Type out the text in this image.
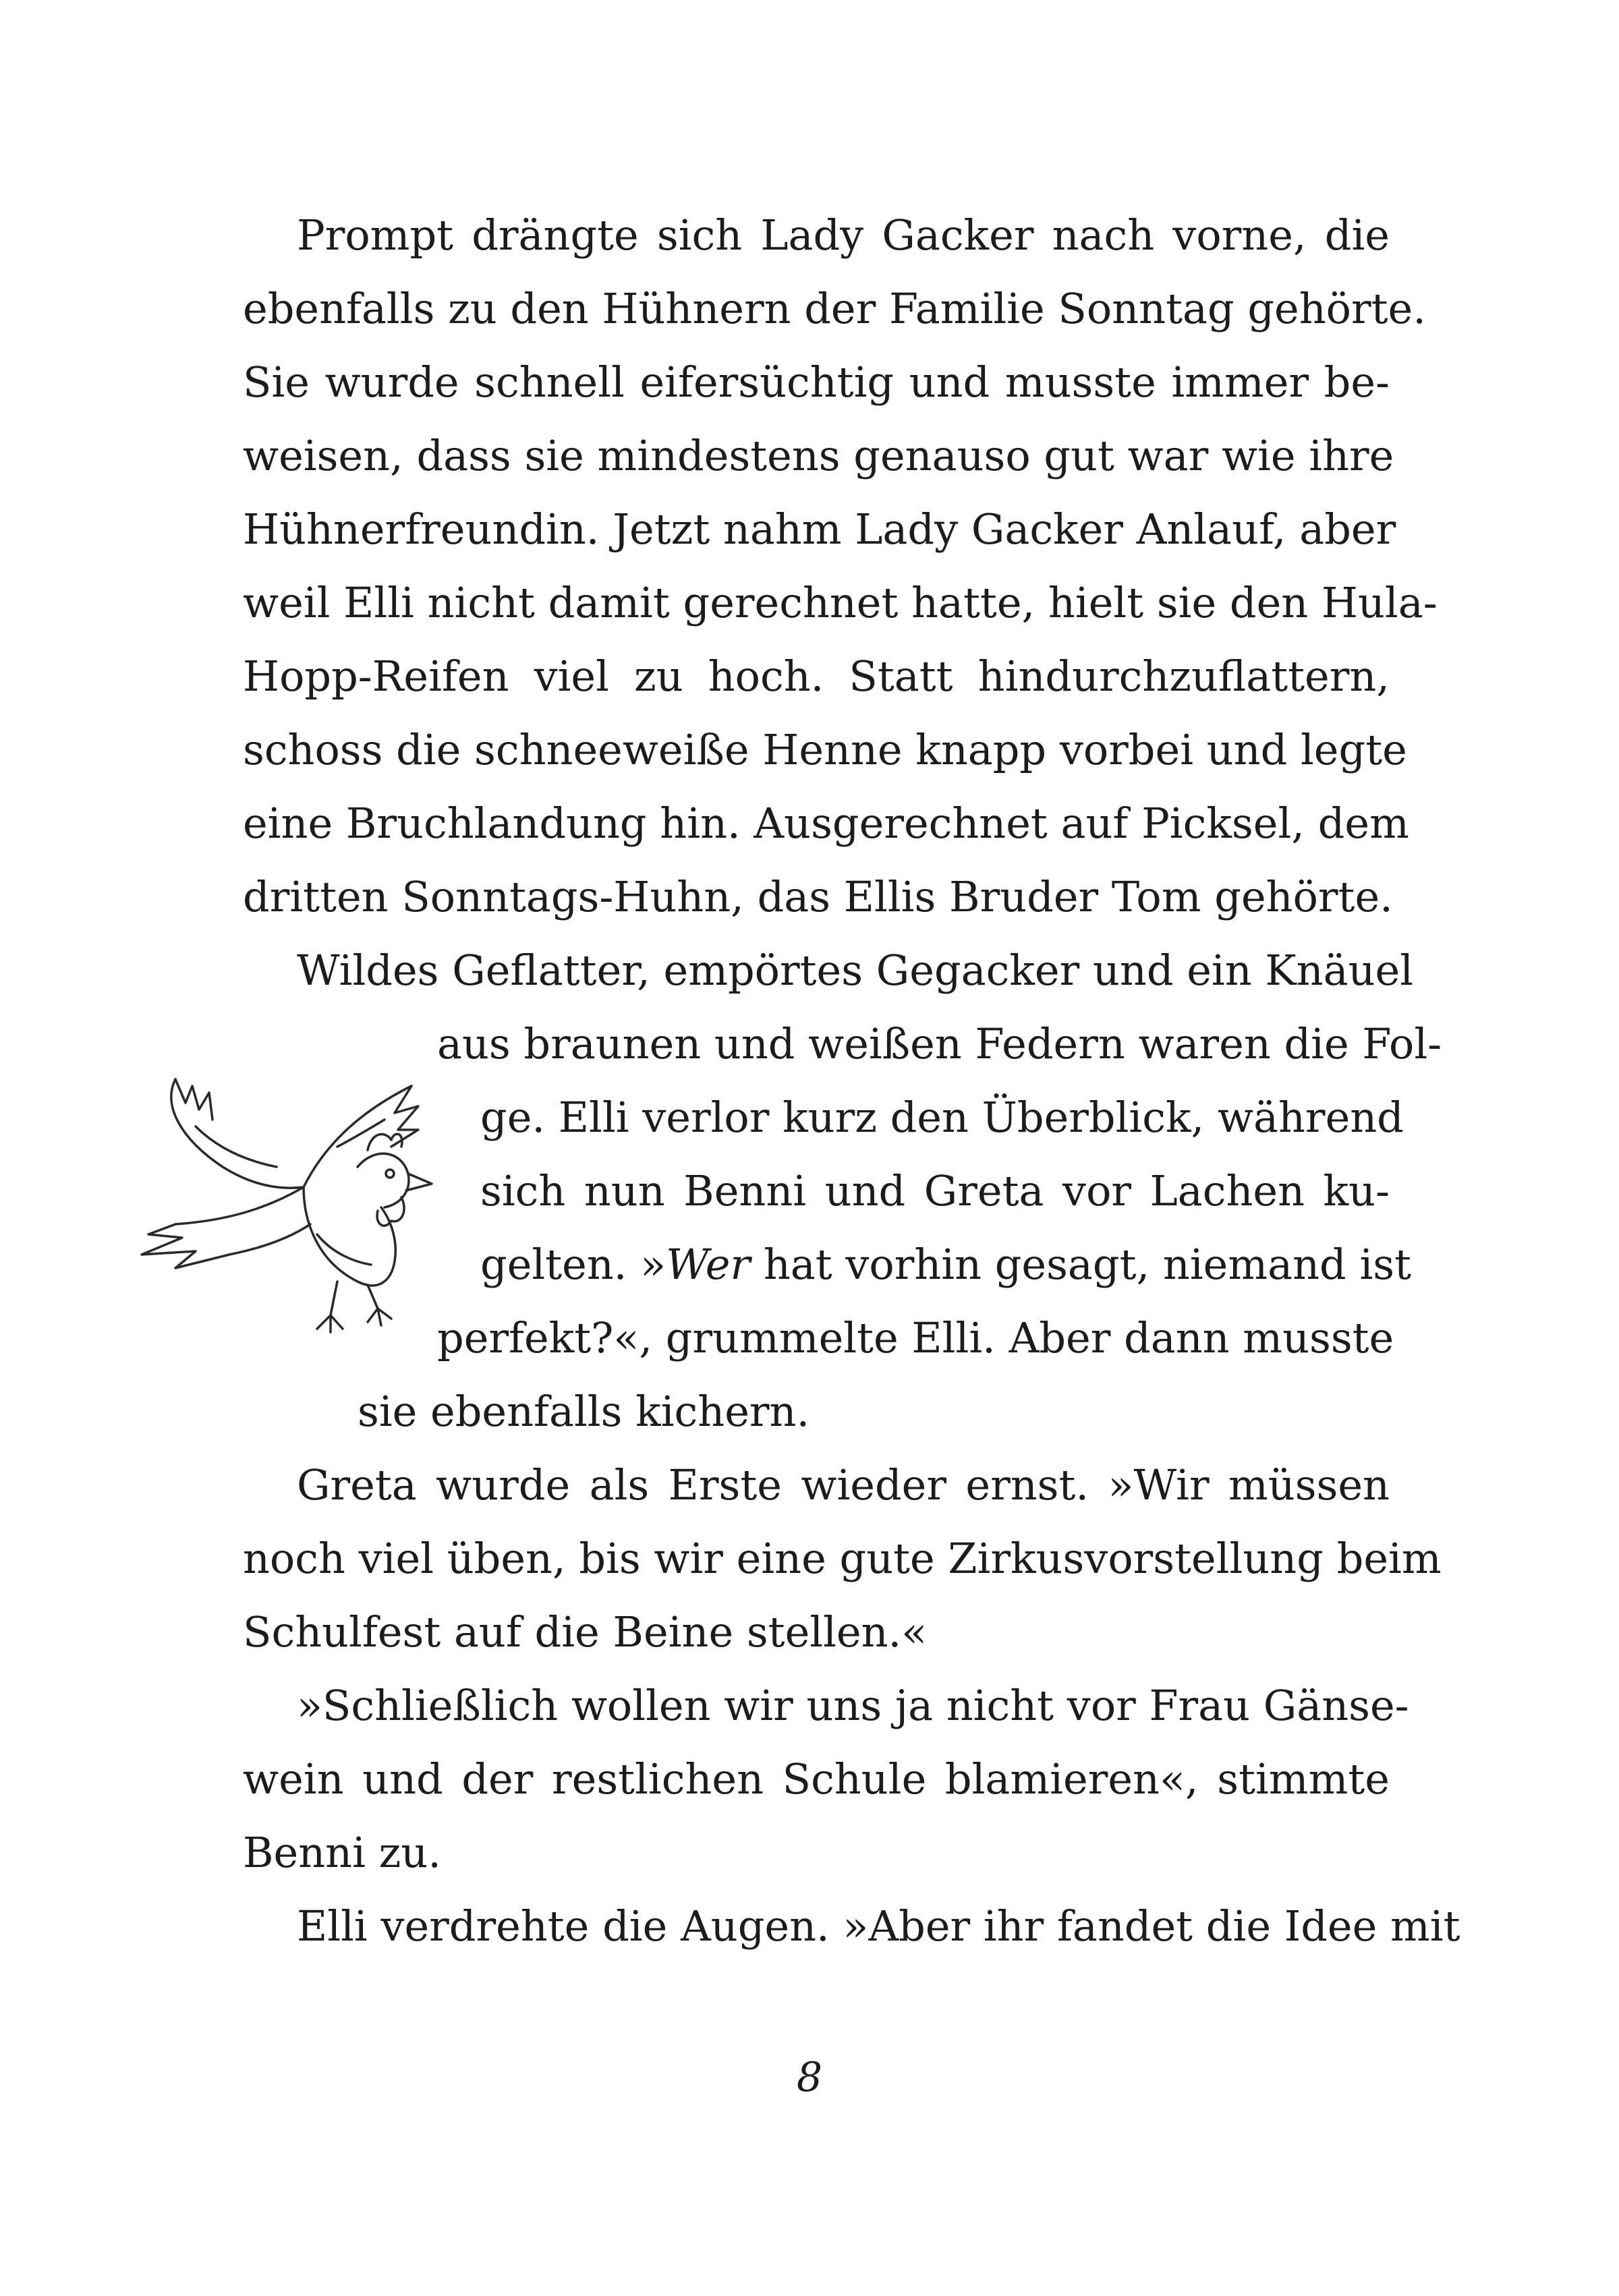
Prompt drängte sich Lady Gacker nach vorne, die
ebenfalls zu den Hühnern der Familie Sonntag gehörte.
Sie wurde schnell eifersüchtig und musste immer be-
weisen, dass sie mindestens genauso gut war wie ihre
Hühnerfreundin. Jetzt nahm Lady Gacker Anlauf, aber
weil Elli nicht damit gerechnet hatte, hielt sie den Hula-
Hopp-Reifen viel zu hoch. Statt hindurchzuflattern,
schoss die schneeweiße Henne knapp vorbei und legte
eine Bruchlandung hin. Ausgerechnet auf Picksel, dem
dritten Sonntags-Huhn, das Ellis Bruder Tom gehörte.
Wildes Geflatter, empörtes Gegacker und ein Knäuel
aus braunen und weißen Federn waren die Fol-
ge. Elli verlor kurz den Überblick, während
sich nun Benni und Greta vor Lachen ku-
gelten. »Wer hat vorhin gesagt, niemand ist
perfekt?«, grummelte Elli. Aber dann musste
sie ebenfalls kichern.
Greta wurde als Erste wieder ernst. »Wir müssen
noch viel üben, bis wir eine gute Zirkusvorstellung beim
Schulfest auf die Beine stellen.«
»Schließlich wollen wir uns ja nicht vor Frau Gänse-
wein und der restlichen Schule blamieren«, stimmte
Benni zu.
Elli verdrehte die Augen. »Aber ihr fandet die Idee mit
8
